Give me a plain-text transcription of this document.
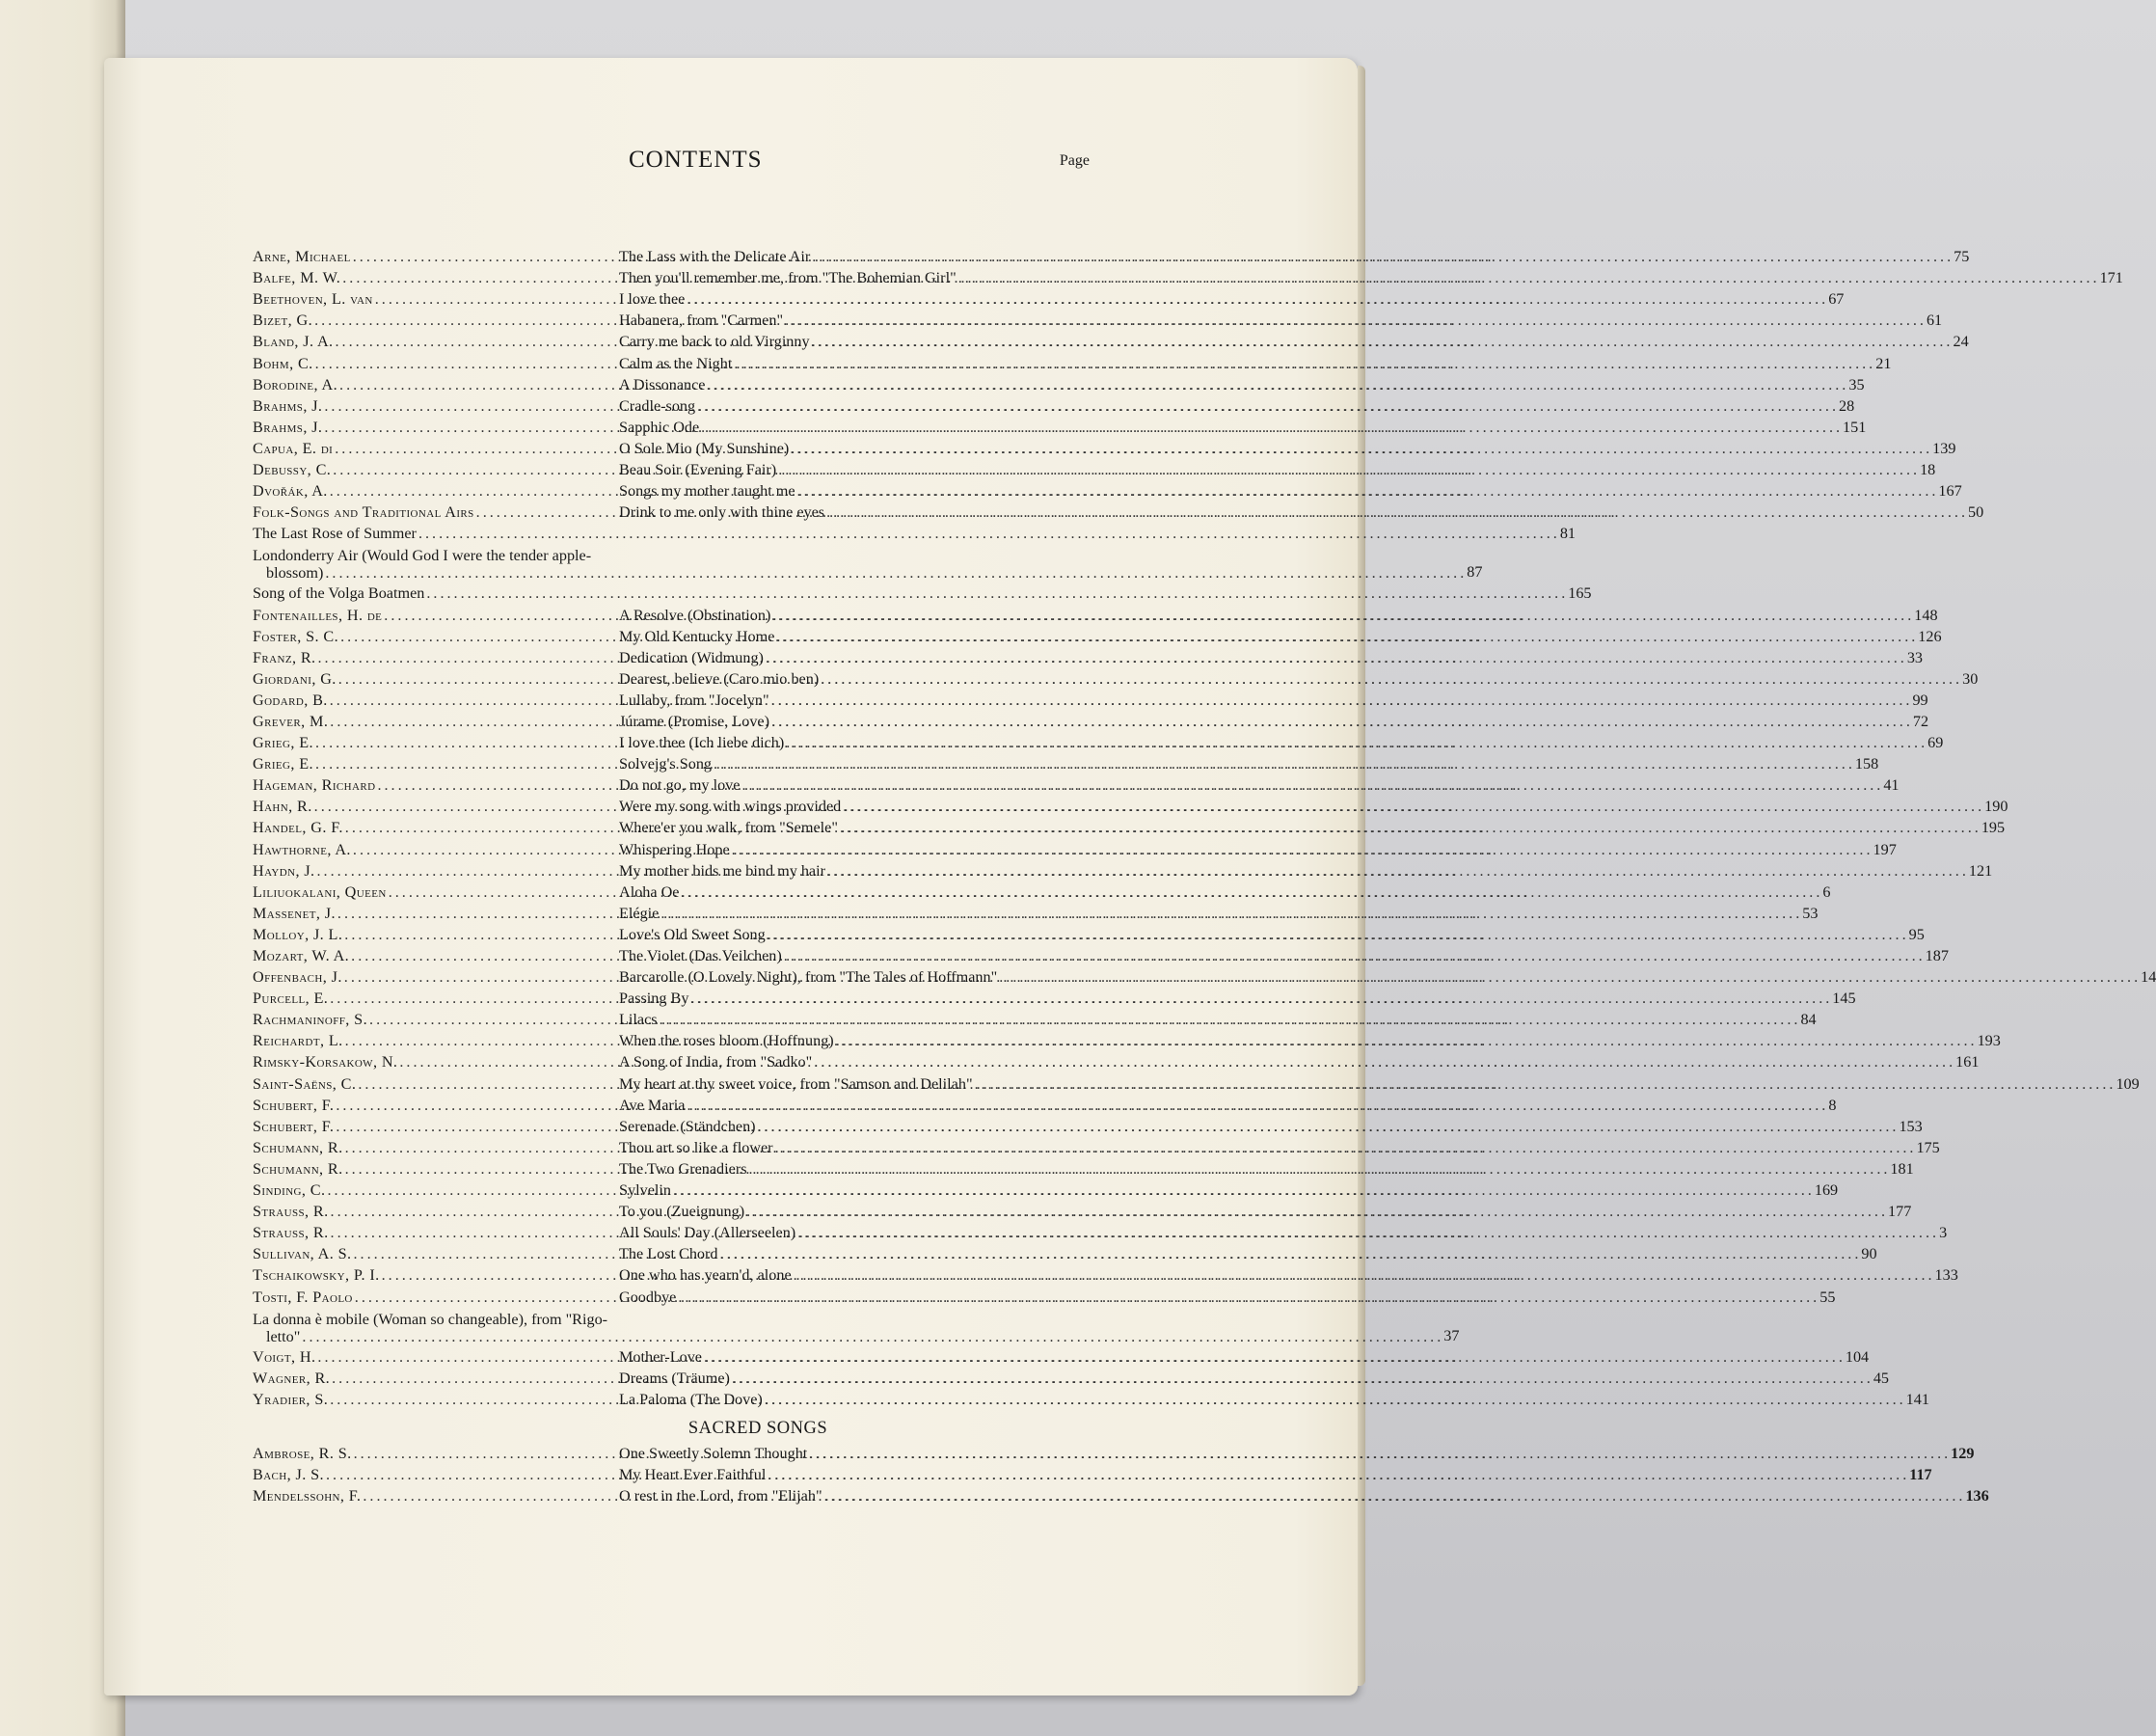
CONTENTS	Page
Arne, Michael .....	The Lass with the Delicate Air .....	75
Balfe, M. W. .....	Then you'll remember me, from "The Bohemian Girl" .....	171
Beethoven, L. van .....	I love thee .....	67
Bizet, G. .....	Habanera, from "Carmen" .....	61
Bland, J. A. .....	Carry me back to old Virginny .....	24
Bohm, C. .....	Calm as the Night .....	21
Borodine, A. .....	A Dissonance .....	35
Brahms, J. .....	Cradle-song .....	28
Brahms, J. .....	Sapphic Ode .....	151
Capua, E. di .....	O Sole Mio (My Sunshine) .....	139
Debussy, C. .....	Beau Soir (Evening Fair) .....	18
Dvořák, A. .....	Songs my mother taught me .....	167
Folk-Songs and Traditional Airs .....	Drink to me only with thine eyes .....	50
The Last Rose of Summer .....	81
Londonderry Air (Would God I were the tender apple-
blossom) .....	87
Song of the Volga Boatmen .....	165
Fontenailles, H. de .....	A Resolve (Obstination) .....	148
Foster, S. C. .....	My Old Kentucky Home .....	126
Franz, R. .....	Dedication (Widmung) .....	33
Giordani, G. .....	Dearest, believe (Caro mio ben) .....	30
Godard, B. .....	Lullaby, from "Jocelyn" .....	99
Grever, M. .....	Júrame (Promise, Love) .....	72
Grieg, E. .....	I love thee (Ich liebe dich) .....	69
Grieg, E. .....	Solvejg's Song .....	158
Hageman, Richard .....	Do not go, my love .....	41
Hahn, R. .....	Were my song with wings provided .....	190
Handel, G. F. .....	Where'er you walk, from "Semele" .....	195
Hawthorne, A. .....	Whispering Hope .....	197
Haydn, J. .....	My mother bids me bind my hair .....	121
Liliuokalani, Queen .....	Aloha Oe .....	6
Massenet, J. .....	Elégie .....	53
Molloy, J. L. .....	Love's Old Sweet Song .....	95
Mozart, W. A. .....	The Violet (Das Veilchen) .....	187
Offenbach, J. .....	Barcarolle (O Lovely Night), from "The Tales of Hoffmann" .....	14
Purcell, E. .....	Passing By .....	145
Rachmaninoff, S. .....	Lilacs .....	84
Reichardt, L. .....	When the roses bloom (Hoffnung) .....	193
Rimsky-Korsakow, N. .....	A Song of India, from "Sadko" .....	161
Saint-Saëns, C. .....	My heart at thy sweet voice, from "Samson and Delilah" .....	109
Schubert, F. .....	Ave Maria .....	8
Schubert, F. .....	Serenade (Ständchen) .....	153
Schumann, R. .....	Thou art so like a flower .....	175
Schumann, R. .....	The Two Grenadiers .....	181
Sinding, C. .....	Sylvelin .....	169
Strauss, R. .....	To you (Zueignung) .....	177
Strauss, R. .....	All Souls' Day (Allerseelen) .....	3
Sullivan, A. S. .....	The Lost Chord .....	90
Tschaikowsky, P. I. .....	One who has yearn'd, alone .....	133
Tosti, F. Paolo .....	Goodbye .....	55
La donna è mobile (Woman so changeable), from "Rigo-
letto" .....	37
Voigt, H. .....	Mother-Love .....	104
Wagner, R. .....	Dreams (Träume) .....	45
Yradier, S. .....	La Paloma (The Dove) .....	141
SACRED SONGS
Ambrose, R. S. .....	One Sweetly Solemn Thought .....	129
Bach, J. S. .....	My Heart Ever Faithful .....	117
Mendelssohn, F. .....	O rest in the Lord, from "Elijah" .....	136
